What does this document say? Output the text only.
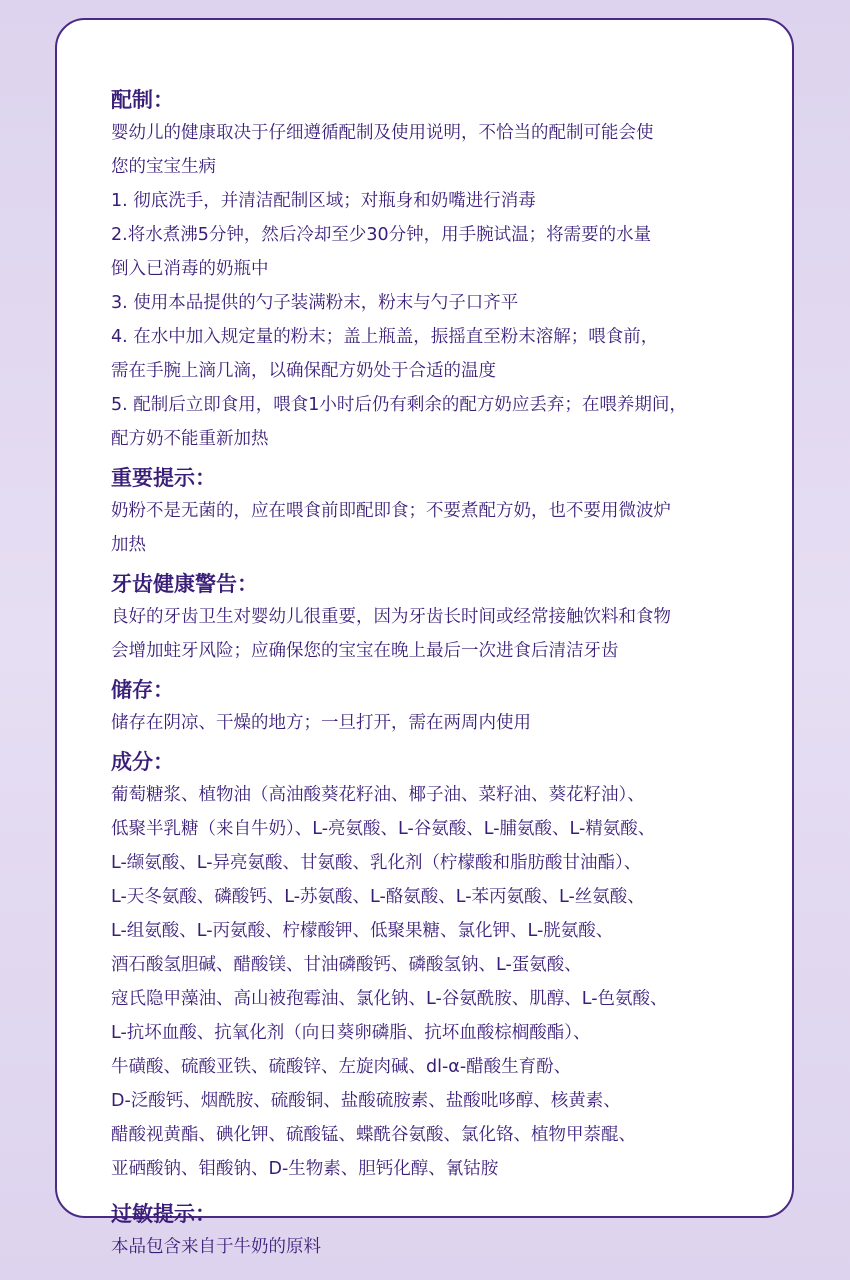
配制：
婴幼儿的健康取决于仔细遵循配制及使用说明，不恰当的配制可能会使
您的宝宝生病
1. 彻底洗手，并清洁配制区域；对瓶身和奶嘴进行消毒
2.将水煮沸5分钟，然后冷却至少30分钟，用手腕试温；将需要的水量
倒入已消毒的奶瓶中
3. 使用本品提供的勺子装满粉末，粉末与勺子口齐平
4. 在水中加入规定量的粉末；盖上瓶盖，振摇直至粉末溶解；喂食前，
需在手腕上滴几滴，以确保配方奶处于合适的温度
5. 配制后立即食用，喂食1小时后仍有剩余的配方奶应丢弃；在喂养期间，
配方奶不能重新加热
重要提示：
奶粉不是无菌的，应在喂食前即配即食；不要煮配方奶，也不要用微波炉
加热
牙齿健康警告：
良好的牙齿卫生对婴幼儿很重要，因为牙齿长时间或经常接触饮料和食物
会增加蛀牙风险；应确保您的宝宝在晚上最后一次进食后清洁牙齿
储存：
储存在阴凉、干燥的地方；一旦打开，需在两周内使用
成分：
葡萄糖浆、植物油（高油酸葵花籽油、椰子油、菜籽油、葵花籽油）、
低聚半乳糖（来自牛奶）、L-亮氨酸、L-谷氨酸、L-脯氨酸、L-精氨酸、
L-缬氨酸、L-异亮氨酸、甘氨酸、乳化剂（柠檬酸和脂肪酸甘油酯）、
L-天冬氨酸、磷酸钙、L-苏氨酸、L-酪氨酸、L-苯丙氨酸、L-丝氨酸、
L-组氨酸、L-丙氨酸、柠檬酸钾、低聚果糖、氯化钾、L-胱氨酸、
酒石酸氢胆碱、醋酸镁、甘油磷酸钙、磷酸氢钠、L-蛋氨酸、
寇氏隐甲藻油、高山被孢霉油、氯化钠、L-谷氨酰胺、肌醇、L-色氨酸、
L-抗坏血酸、抗氧化剂（向日葵卵磷脂、抗坏血酸棕榈酸酯）、
牛磺酸、硫酸亚铁、硫酸锌、左旋肉碱、dl-α-醋酸生育酚、
D-泛酸钙、烟酰胺、硫酸铜、盐酸硫胺素、盐酸吡哆醇、核黄素、
醋酸视黄酯、碘化钾、硫酸锰、蝶酰谷氨酸、氯化铬、植物甲萘醌、
亚硒酸钠、钼酸钠、D-生物素、胆钙化醇、氰钴胺
过敏提示：
本品包含来自于牛奶的原料
